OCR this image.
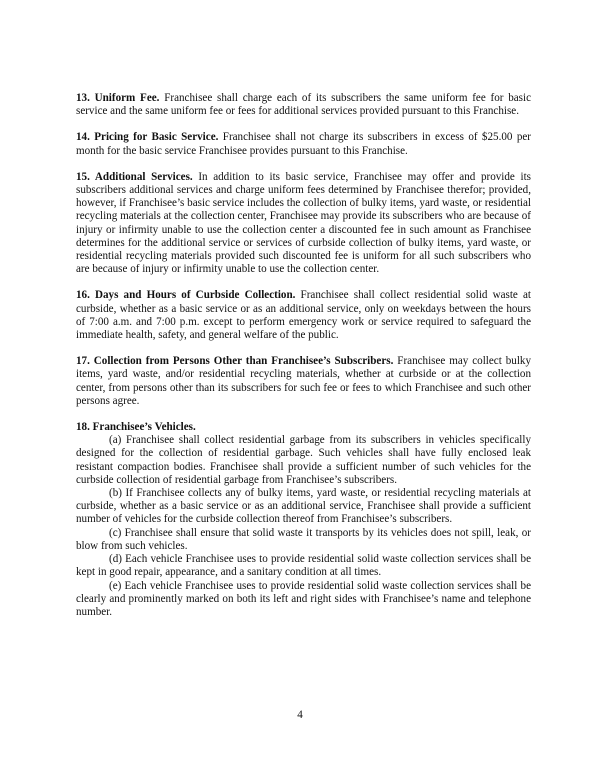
13. Uniform Fee. Franchisee shall charge each of its subscribers the same uniform fee for basic service and the same uniform fee or fees for additional services provided pursuant to this Franchise.

14. Pricing for Basic Service. Franchisee shall not charge its subscribers in excess of $25.00 per month for the basic service Franchisee provides pursuant to this Franchise.

15. Additional Services. In addition to its basic service, Franchisee may offer and provide its subscribers additional services and charge uniform fees determined by Franchisee therefor; provided, however, if Franchisee’s basic service includes the collection of bulky items, yard waste, or residential recycling materials at the collection center, Franchisee may provide its subscribers who are because of injury or infirmity unable to use the collection center a discounted fee in such amount as Franchisee determines for the additional service or services of curbside collection of bulky items, yard waste, or residential recycling materials provided such discounted fee is uniform for all such subscribers who are because of injury or infirmity unable to use the collection center.

16. Days and Hours of Curbside Collection. Franchisee shall collect residential solid waste at curbside, whether as a basic service or as an additional service, only on weekdays between the hours of 7:00 a.m. and 7:00 p.m. except to perform emergency work or service required to safeguard the immediate health, safety, and general welfare of the public.

17. Collection from Persons Other than Franchisee’s Subscribers. Franchisee may collect bulky items, yard waste, and/or residential recycling materials, whether at curbside or at the collection center, from persons other than its subscribers for such fee or fees to which Franchisee and such other persons agree.

18. Franchisee’s Vehicles.

(a) Franchisee shall collect residential garbage from its subscribers in vehicles specifically designed for the collection of residential garbage. Such vehicles shall have fully enclosed leak resistant compaction bodies. Franchisee shall provide a sufficient number of such vehicles for the curbside collection of residential garbage from Franchisee’s subscribers.

(b) If Franchisee collects any of bulky items, yard waste, or residential recycling materials at curbside, whether as a basic service or as an additional service, Franchisee shall provide a sufficient number of vehicles for the curbside collection thereof from Franchisee’s subscribers.

(c) Franchisee shall ensure that solid waste it transports by its vehicles does not spill, leak, or blow from such vehicles.

(d) Each vehicle Franchisee uses to provide residential solid waste collection services shall be kept in good repair, appearance, and a sanitary condition at all times.

(e) Each vehicle Franchisee uses to provide residential solid waste collection services shall be clearly and prominently marked on both its left and right sides with Franchisee’s name and telephone number.

4
